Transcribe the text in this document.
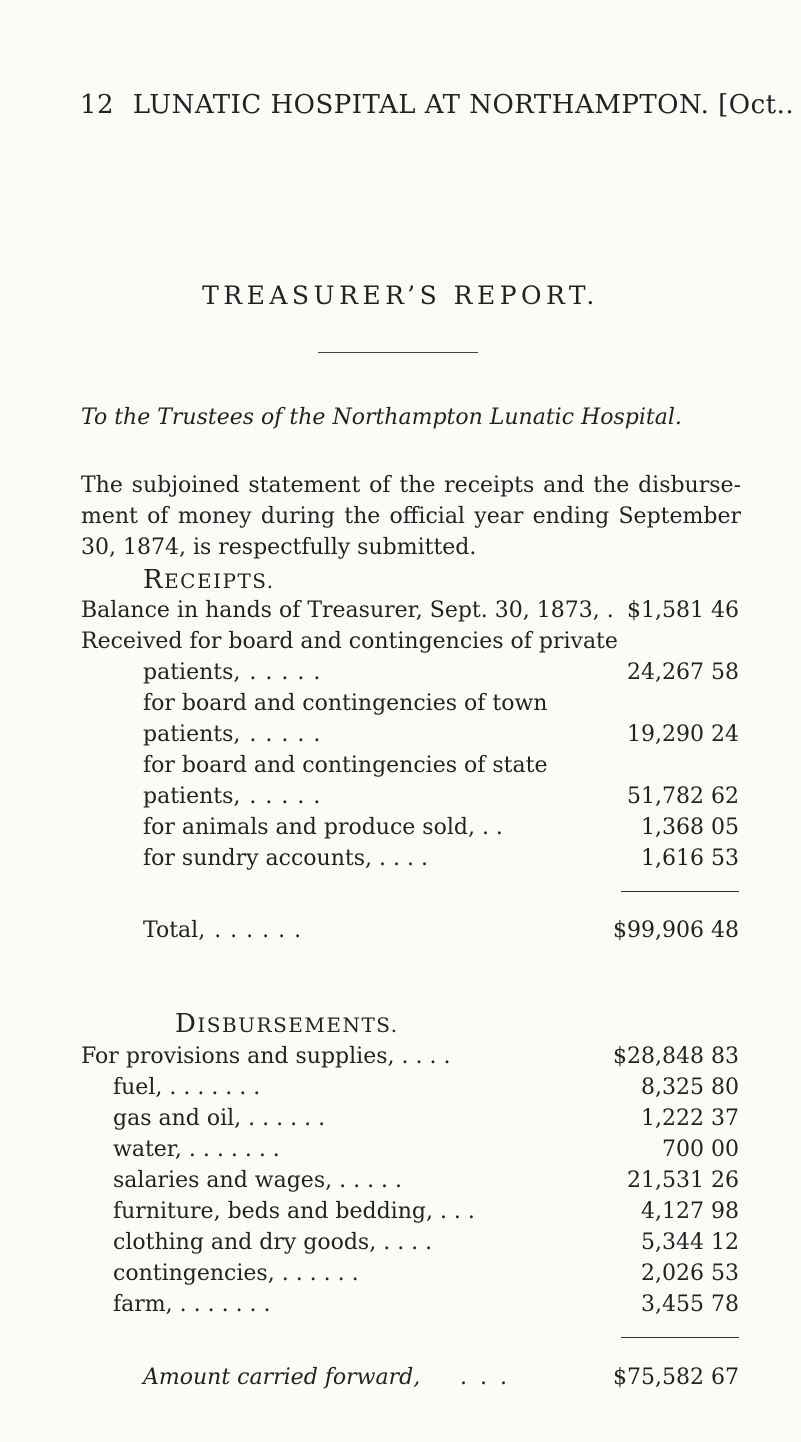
12 LUNATIC HOSPITAL AT NORTHAMPTON. [Oct..
TREASURER’S REPORT.
To the Trustees of the Northampton Lunatic Hospital.
The subjoined statement of the receipts and the disburse-
ment of money during the official year ending September
30, 1874, is respectfully submitted.
RECEIPTS.
Balance in hands of Treasurer, Sept. 30, 1873, . $1,581 46
Received for board and contingencies of private
patients, . . . . .	24,267 58
for board and contingencies of town
patients, . . . . .	19,290 24
for board and contingencies of state
patients, . . . . .	51,782 62
for animals and produce sold, . .	1,368 05
for sundry accounts, . . . .	1,616 53
Total, . . . . . .	$99,906 48
DISBURSEMENTS.
For provisions and supplies, . . . .	$28,848 83
fuel, . . . . . . .	8,325 80
gas and oil, . . . . . .	1,222 37
water, . . . . . . .	700 00
salaries and wages, . . . . .	21,531 26
furniture, beds and bedding, . . .	4,127 98
clothing and dry goods, . . . .	5,344 12
contingencies, . . . . . .	2,026 53
farm, . . . . . . .	3,455 78
Amount carried forward, . . .	$75,582 67
